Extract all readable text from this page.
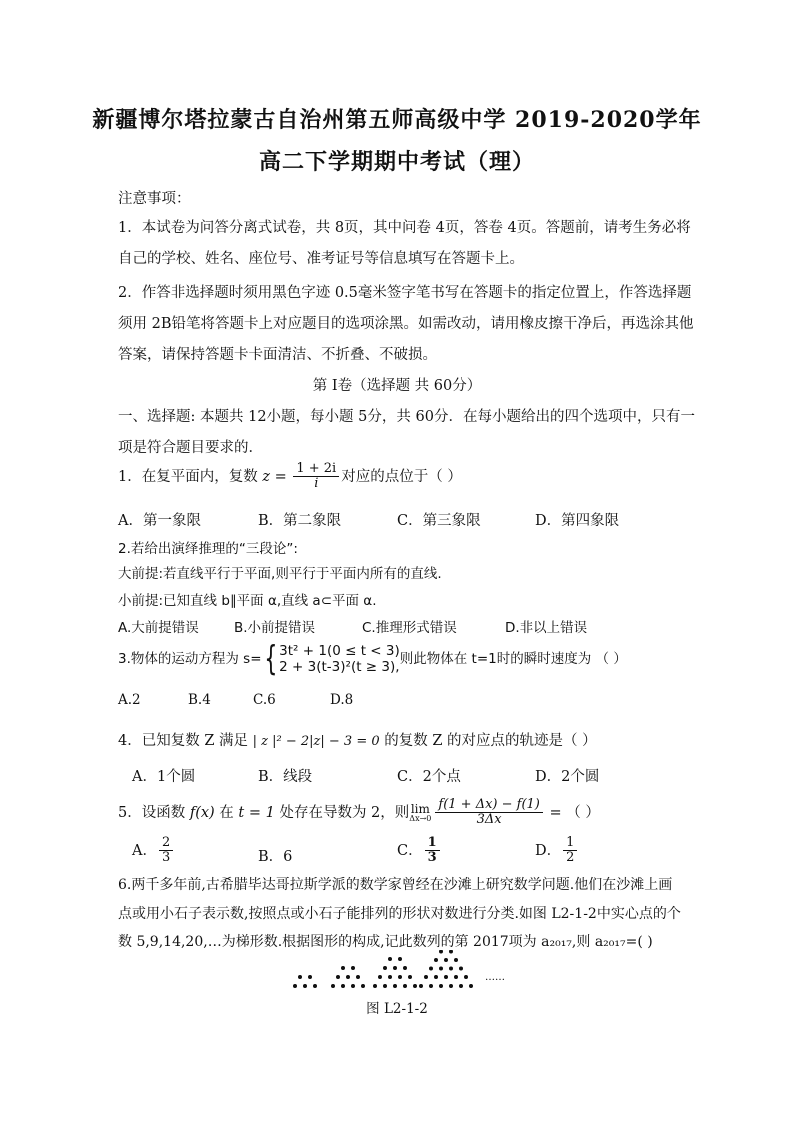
新疆博尔塔拉蒙古自治州第五师高级中学 2019-2020学年
高二下学期期中考试（理）
注意事项：
1．本试卷为问答分离式试卷，共 8页，其中问卷 4页，答卷 4页。答题前，请考生务必将
自己的学校、姓名、座位号、准考证号等信息填写在答题卡上。
2．作答非选择题时须用黑色字迹 0.5毫米签字笔书写在答题卡的指定位置上，作答选择题
须用 2B铅笔将答题卡上对应题目的选项涂黑。如需改动，请用橡皮擦干净后，再选涂其他
答案，请保持答题卡卡面清洁、不折叠、不破损。
第 I卷（选择题 共 60分）
一、选择题: 本题共 12小题，每小题 5分，共 60分．在每小题给出的四个选项中，只有一
项是符合题目要求的．
1．在复平面内，复数 $z = \frac{1 + 2i}{i}$ 对应的点位于（ ）
A．第一象限	B．第二象限	C．第三象限	D．第四象限
2.若给出演绎推理的“三段论”:
大前提:若直线平行于平面,则平行于平面内所有的直线.
小前提:已知直线 b∥平面 α,直线 a⊂平面 α.
A.大前提错误	B.小前提错误	C.推理形式错误	D.非以上错误
3.物体的运动方程为 s={ 3t² + 1(0 ≤ t < 3)
2 + 3(t-3)²(t ≥ 3), 则此物体在 t=1时的瞬时速度为 （ ）
A.2	B.4	C.6	D.8
4．已知复数 Z 满足 | z |² − 2|z| − 3 = 0 的复数 Z 的对应点的轨迹是（ ）
A．1个圆	B．线段	C．2个点	D．2个圆
5．设函数 f(x) 在 t = 1 处存在导数为 2，则 lim
$\Delta x\to 0 \frac{f(1 + \Delta x) - f(1)}{3\Delta x}$ = （ ）
A． $\frac{2}{3}$	B．6	C． $\frac{1}{3}$	D． $\frac{1}{2}$
6.两千多年前,古希腊毕达哥拉斯学派的数学家曾经在沙滩上研究数学问题.他们在沙滩上画
点或用小石子表示数,按照点或小石子能排列的形状对数进行分类.如图 L2-1-2中实心点的个
数 5,9,14,20,…为梯形数.根据图形的构成,记此数列的第 2017项为 a₂₀₁₇,则 a₂₀₁₇=( )
……
图 L2-1-2
